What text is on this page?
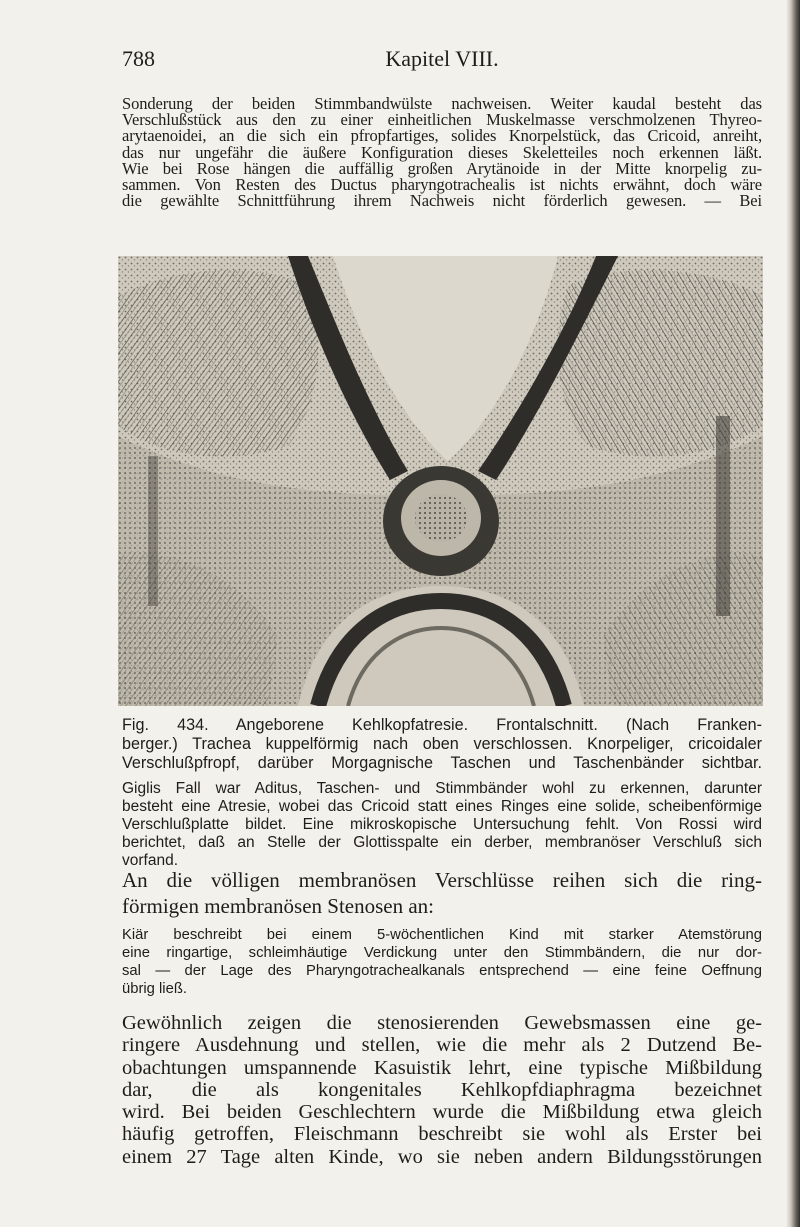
788	Kapitel VIII.

Sonderung der beiden Stimmbandwülste nachweisen. Weiter kaudal besteht das
Verschlußstück aus den zu einer einheitlichen Muskelmasse verschmolzenen Thyreo-
arytaenoidei, an die sich ein pfropfartiges, solides Knorpelstück, das Cricoid, anreiht,
das nur ungefähr die äußere Konfiguration dieses Skeletteiles noch erkennen läßt.
Wie bei Rose hängen die auffällig großen Arytänoide in der Mitte knorpelig zu-
sammen. Von Resten des Ductus pharyngotrachealis ist nichts erwähnt, doch wäre
die gewählte Schnittführung ihrem Nachweis nicht förderlich gewesen. — Bei

Fig. 434. Angeborene Kehlkopfatresie. Frontalschnitt. (Nach Franken-
berger.) Trachea kuppelförmig nach oben verschlossen. Knorpeliger, cricoidaler
Verschlußpfropf, darüber Morgagnische Taschen und Taschenbänder sichtbar.

Giglis Fall war Aditus, Taschen- und Stimmbänder wohl zu erkennen, darunter
besteht eine Atresie, wobei das Cricoid statt eines Ringes eine solide, scheibenförmige
Verschlußplatte bildet. Eine mikroskopische Untersuchung fehlt. Von Rossi wird
berichtet, daß an Stelle der Glottisspalte ein derber, membranöser Verschluß sich
vorfand.

An die völligen membranösen Verschlüsse reihen sich die ring-
förmigen membranösen Stenosen an:

Kiär beschreibt bei einem 5-wöchentlichen Kind mit starker Atemstörung
eine ringartige, schleimhäutige Verdickung unter den Stimmbändern, die nur dor-
sal — der Lage des Pharyngotrachealkanals entsprechend — eine feine Oeffnung
übrig ließ.

Gewöhnlich zeigen die stenosierenden Gewebsmassen eine ge-
ringere Ausdehnung und stellen, wie die mehr als 2 Dutzend Be-
obachtungen umspannende Kasuistik lehrt, eine typische Mißbildung
dar, die als kongenitales Kehlkopfdiaphragma bezeichnet
wird. Bei beiden Geschlechtern wurde die Mißbildung etwa gleich
häufig getroffen, Fleischmann beschreibt sie wohl als Erster bei
einem 27 Tage alten Kinde, wo sie neben andern Bildungsstörungen
